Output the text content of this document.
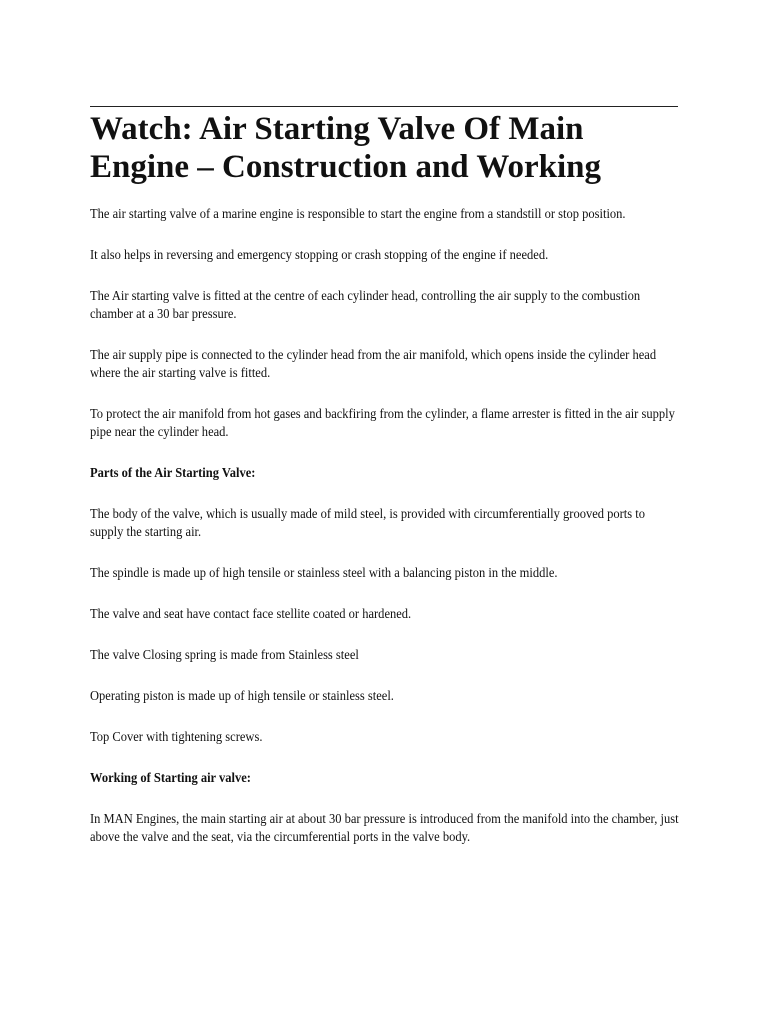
Watch: Air Starting Valve Of Main Engine – Construction and Working

The air starting valve of a marine engine is responsible to start the engine from a standstill or stop position.

It also helps in reversing and emergency stopping or crash stopping of the engine if needed.

The Air starting valve is fitted at the centre of each cylinder head, controlling the air supply to the combustion chamber at a 30 bar pressure.

The air supply pipe is connected to the cylinder head from the air manifold, which opens inside the cylinder head where the air starting valve is fitted.

To protect the air manifold from hot gases and backfiring from the cylinder, a flame arrester is fitted in the air supply pipe near the cylinder head.

Parts of the Air Starting Valve:

The body of the valve, which is usually made of mild steel, is provided with circumferentially grooved ports to supply the starting air.

The spindle is made up of high tensile or stainless steel with a balancing piston in the middle.

The valve and seat have contact face stellite coated or hardened.

The valve Closing spring is made from Stainless steel

Operating piston is made up of high tensile or stainless steel.

Top Cover with tightening screws.

Working of Starting air valve:

In MAN Engines, the main starting air at about 30 bar pressure is introduced from the manifold into the chamber, just above the valve and the seat, via the circumferential ports in the valve body.
